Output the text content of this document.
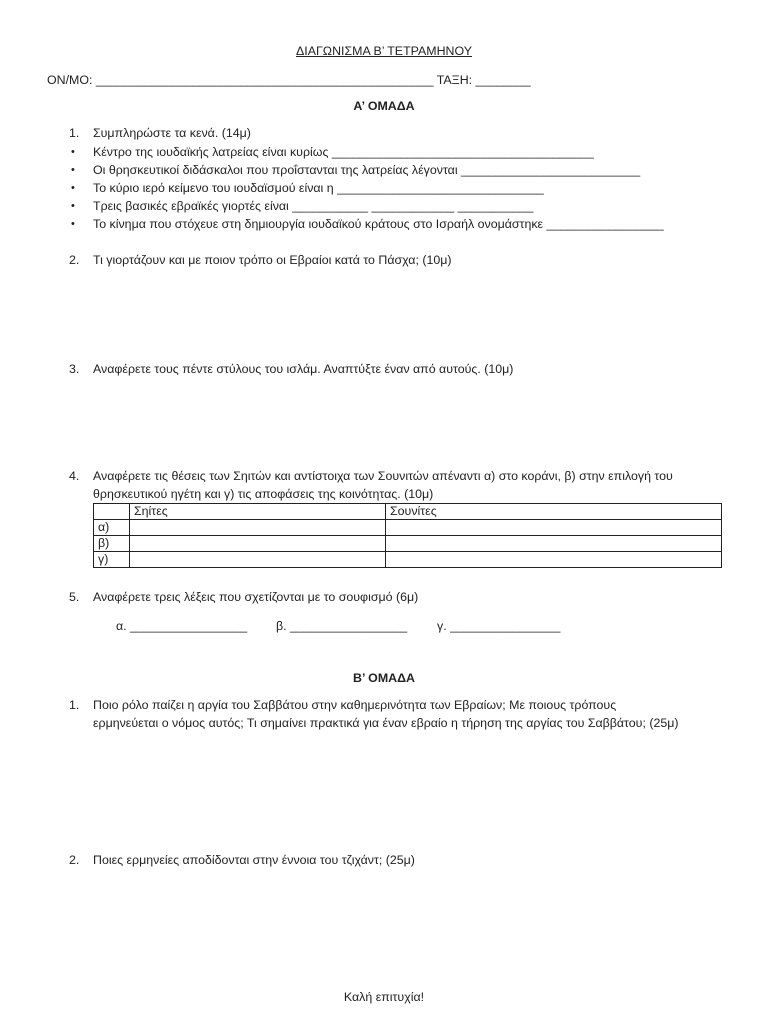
ΔΙΑΓΩΝΙΣΜΑ Β’ ΤΕΤΡΑΜΗΝΟΥ
ΟΝ/ΜΟ: _________________________________________________ ΤΑΞΗ: ________
Α’ ΟΜΑΔΑ
1. Συμπληρώστε τα κενά. (14μ)
• Κέντρο της ιουδαϊκής λατρείας είναι κυρίως ______________________________________
• Οι θρησκευτικοί διδάσκαλοι που προΐστανται της λατρείας λέγονται __________________________
• Το κύριο ιερό κείμενο του ιουδαϊσμού είναι η ______________________________
• Τρεις βασικές εβραϊκές γιορτές είναι ___________ ____________ ___________
• Το κίνημα που στόχευε στη δημιουργία ιουδαϊκού κράτους στο Ισραήλ ονομάστηκε _________________
2. Τι γιορτάζουν και με ποιον τρόπο οι Εβραίοι κατά το Πάσχα; (10μ)
3. Αναφέρετε τους πέντε στύλους του ισλάμ. Αναπτύξτε έναν από αυτούς. (10μ)
4. Αναφέρετε τις θέσεις των Σηιτών και αντίστοιχα των Σουνιτών απέναντι α) στο κοράνι, β) στην επιλογή του
θρησκευτικού ηγέτη και γ) τις αποφάσεις της κοινότητας. (10μ)
	Σηίτες	Σουνίτες
α)		
β)		
γ)		
5. Αναφέρετε τρεις λέξεις που σχετίζονται με το σουφισμό (6μ)
α. _________________ β. _________________ γ. ________________
Β’ ΟΜΑΔΑ
1. Ποιο ρόλο παίζει η αργία του Σαββάτου στην καθημερινότητα των Εβραίων; Με ποιους τρόπους
ερμηνεύεται ο νόμος αυτός; Τι σημαίνει πρακτικά για έναν εβραίο η τήρηση της αργίας του Σαββάτου; (25μ)
2. Ποιες ερμηνείες αποδίδονται στην έννοια του τζιχάντ; (25μ)
Καλή επιτυχία!
